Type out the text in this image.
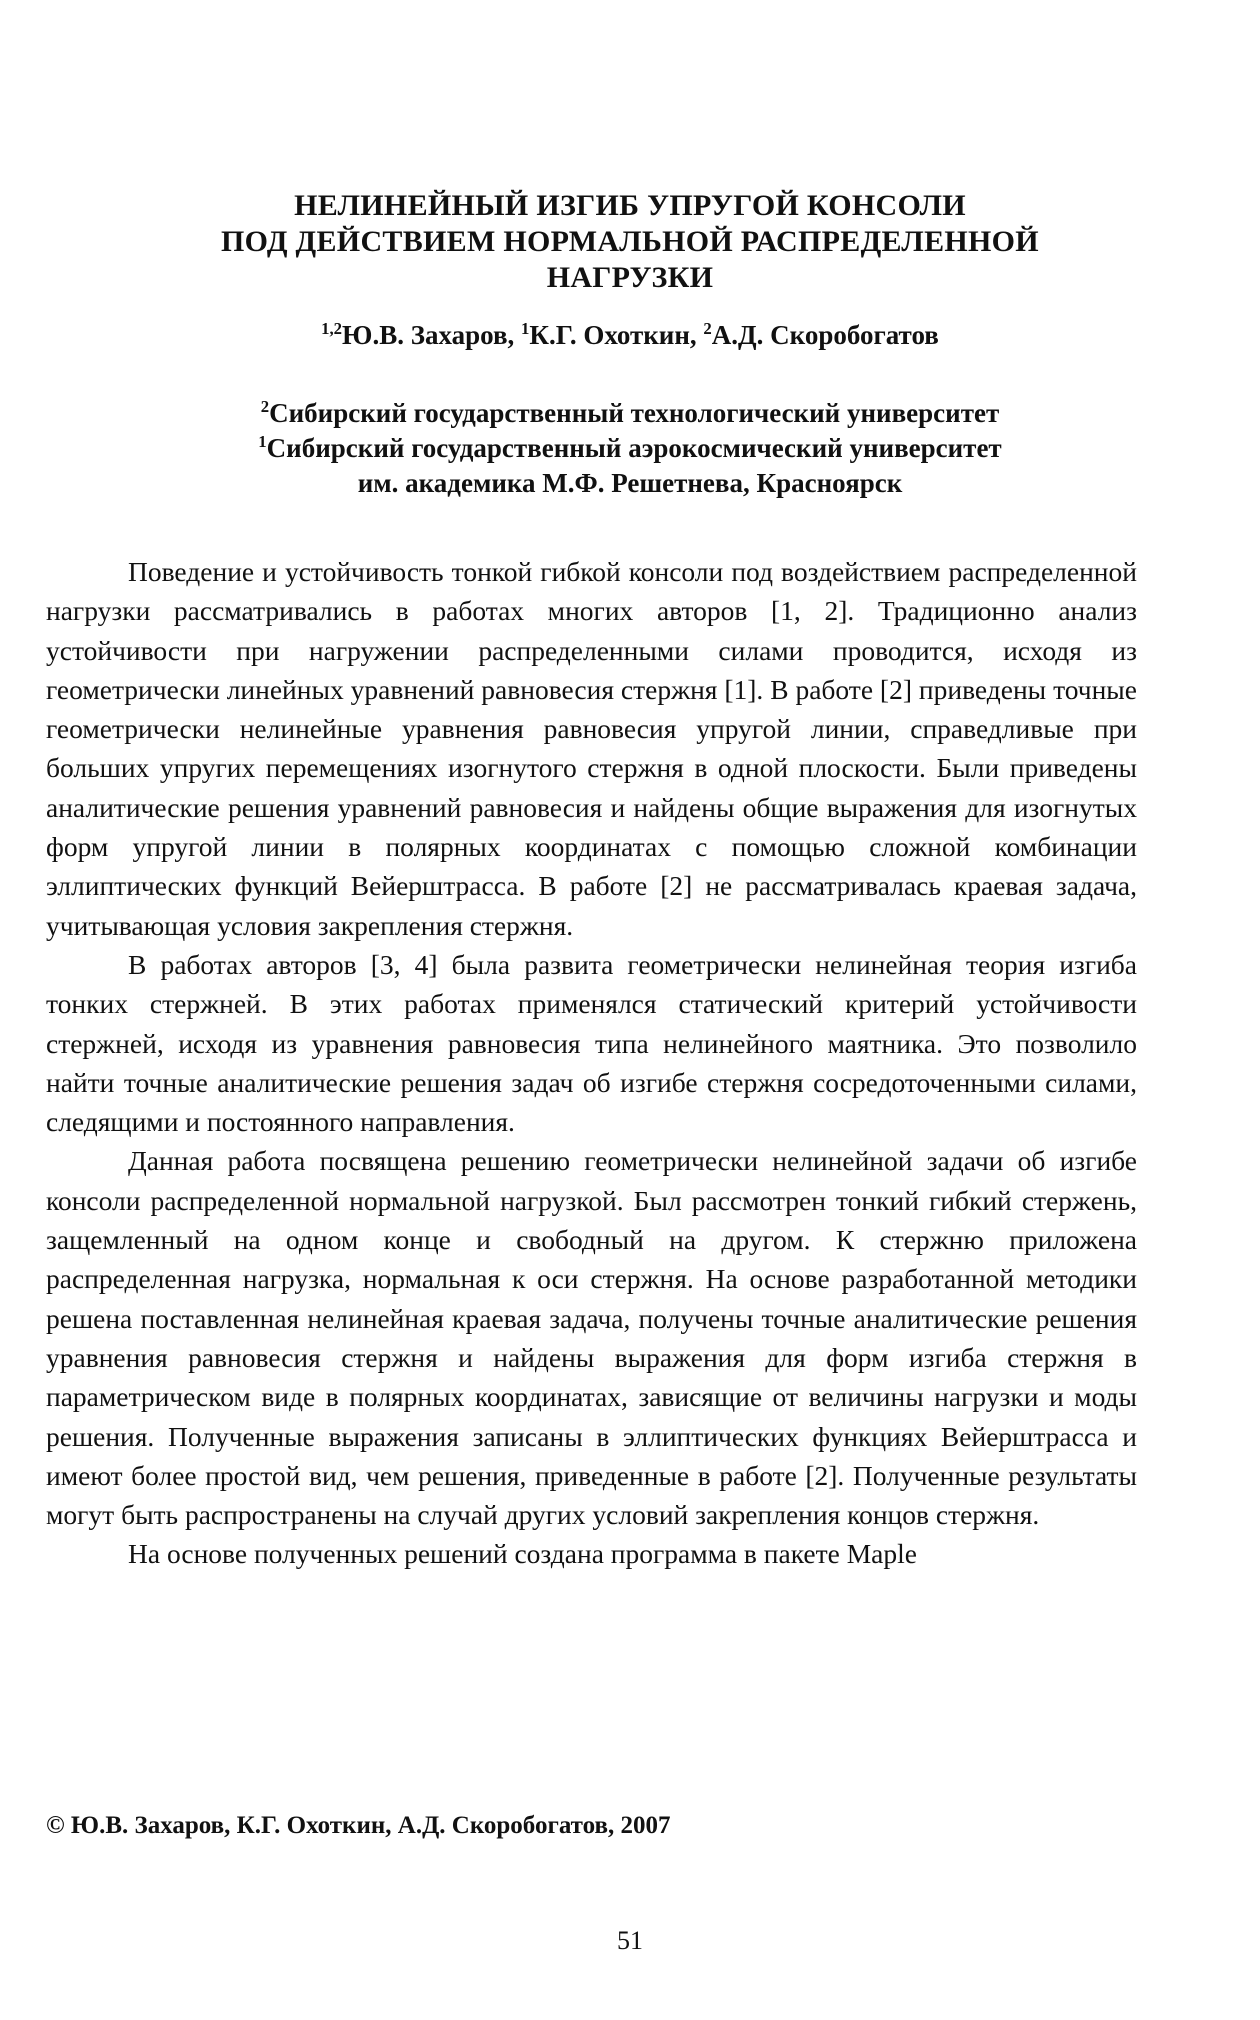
НЕЛИНЕЙНЫЙ ИЗГИБ УПРУГОЙ КОНСОЛИ
ПОД ДЕЙСТВИЕМ НОРМАЛЬНОЙ РАСПРЕДЕЛЕННОЙ
НАГРУЗКИ
$^{1,2}$Ю.В. Захаров, $^1$К.Г. Охоткин, $^2$А.Д. Скоробогатов
$^2$Сибирский государственный технологический университет
$^1$Сибирский государственный аэрокосмический университет
им. академика М.Ф. Решетнева, Красноярск

Поведение и устойчивость тонкой гибкой консоли под воздействием распределенной нагрузки рассматривались в работах многих авторов [1, 2]. Традиционно анализ устойчивости при нагружении распределенными силами проводится, исходя из геометрически линейных уравнений равновесия стержня [1]. В работе [2] приведены точные геометрически нелинейные уравнения равновесия упругой линии, справедливые при больших упругих перемещениях изогнутого стержня в одной плоскости. Были приведены аналитические решения уравнений равновесия и найдены общие выражения для изогнутых форм упругой линии в полярных координатах с помощью сложной комбинации эллиптических функций Вейерштрасса. В работе [2] не рассматривалась краевая задача, учитывающая условия закрепления стержня.

В работах авторов [3, 4] была развита геометрически нелинейная теория изгиба тонких стержней. В этих работах применялся статический критерий устойчивости стержней, исходя из уравнения равновесия типа нелинейного маятника. Это позволило найти точные аналитические решения задач об изгибе стержня сосредоточенными силами, следящими и постоянного направления.

Данная работа посвящена решению геометрически нелинейной задачи об изгибе консоли распределенной нормальной нагрузкой. Был рассмотрен тонкий гибкий стержень, защемленный на одном конце и свободный на другом. К стержню приложена распределенная нагрузка, нормальная к оси стержня. На основе разработанной методики решена поставленная нелинейная краевая задача, получены точные аналитические решения уравнения равновесия стержня и найдены выражения для форм изгиба стержня в параметрическом виде в полярных координатах, зависящие от величины нагрузки и моды решения. Полученные выражения записаны в эллиптических функциях Вейерштрасса и имеют более простой вид, чем решения, приведенные в работе [2]. Полученные результаты могут быть распространены на случай других условий закрепления концов стержня.

На основе полученных решений создана программа в пакете Maple

© Ю.В. Захаров, К.Г. Охоткин, А.Д. Скоробогатов, 2007
51
